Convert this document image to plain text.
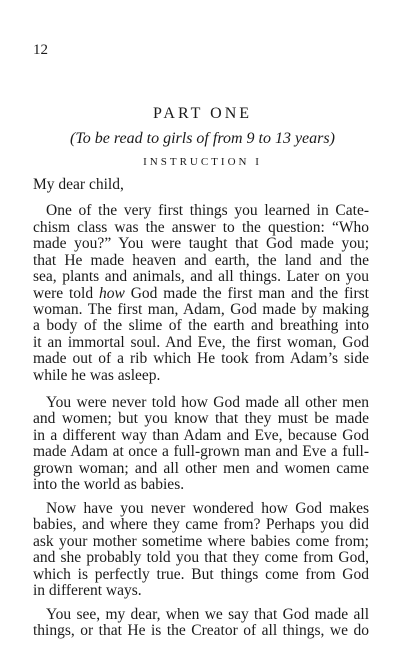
12
PART ONE
(To be read to girls of from 9 to 13 years)
INSTRUCTION I
My dear child,
One of the very first things you learned in Cate-
chism class was the answer to the question: “Who
made you?” You were taught that God made you;
that He made heaven and earth, the land and the
sea, plants and animals, and all things. Later on you
were told how God made the first man and the first
woman. The first man, Adam, God made by making
a body of the slime of the earth and breathing into
it an immortal soul. And Eve, the first woman, God
made out of a rib which He took from Adam’s side
while he was asleep.
You were never told how God made all other men
and women; but you know that they must be made
in a different way than Adam and Eve, because God
made Adam at once a full-grown man and Eve a full-
grown woman; and all other men and women came
into the world as babies.
Now have you never wondered how God makes
babies, and where they came from? Perhaps you did
ask your mother sometime where babies come from;
and she probably told you that they come from God,
which is perfectly true. But things come from God
in different ways.
You see, my dear, when we say that God made all
things, or that He is the Creator of all things, we do
